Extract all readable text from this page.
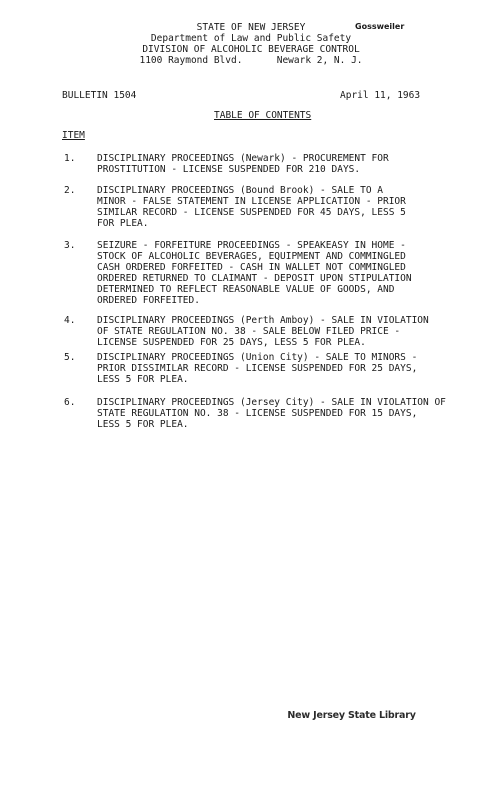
STATE OF NEW JERSEY
Department of Law and Public Safety
DIVISION OF ALCOHOLIC BEVERAGE CONTROL
1100 Raymond Blvd.      Newark 2, N. J.
Gossweiler
BULLETIN 1504	April 11, 1963
TABLE OF CONTENTS
ITEM
1. DISCIPLINARY PROCEEDINGS (Newark) - PROCUREMENT FOR
PROSTITUTION - LICENSE SUSPENDED FOR 210 DAYS.
2. DISCIPLINARY PROCEEDINGS (Bound Brook) - SALE TO A
MINOR - FALSE STATEMENT IN LICENSE APPLICATION - PRIOR
SIMILAR RECORD - LICENSE SUSPENDED FOR 45 DAYS, LESS 5
FOR PLEA.
3. SEIZURE - FORFEITURE PROCEEDINGS - SPEAKEASY IN HOME -
STOCK OF ALCOHOLIC BEVERAGES, EQUIPMENT AND COMMINGLED
CASH ORDERED FORFEITED - CASH IN WALLET NOT COMMINGLED
ORDERED RETURNED TO CLAIMANT - DEPOSIT UPON STIPULATION
DETERMINED TO REFLECT REASONABLE VALUE OF GOODS, AND
ORDERED FORFEITED.
4. DISCIPLINARY PROCEEDINGS (Perth Amboy) - SALE IN VIOLATION
OF STATE REGULATION NO. 38 - SALE BELOW FILED PRICE -
LICENSE SUSPENDED FOR 25 DAYS, LESS 5 FOR PLEA.
5. DISCIPLINARY PROCEEDINGS (Union City) - SALE TO MINORS -
PRIOR DISSIMILAR RECORD - LICENSE SUSPENDED FOR 25 DAYS,
LESS 5 FOR PLEA.
6. DISCIPLINARY PROCEEDINGS (Jersey City) - SALE IN VIOLATION OF
STATE REGULATION NO. 38 - LICENSE SUSPENDED FOR 15 DAYS,
LESS 5 FOR PLEA.
New Jersey State Library
